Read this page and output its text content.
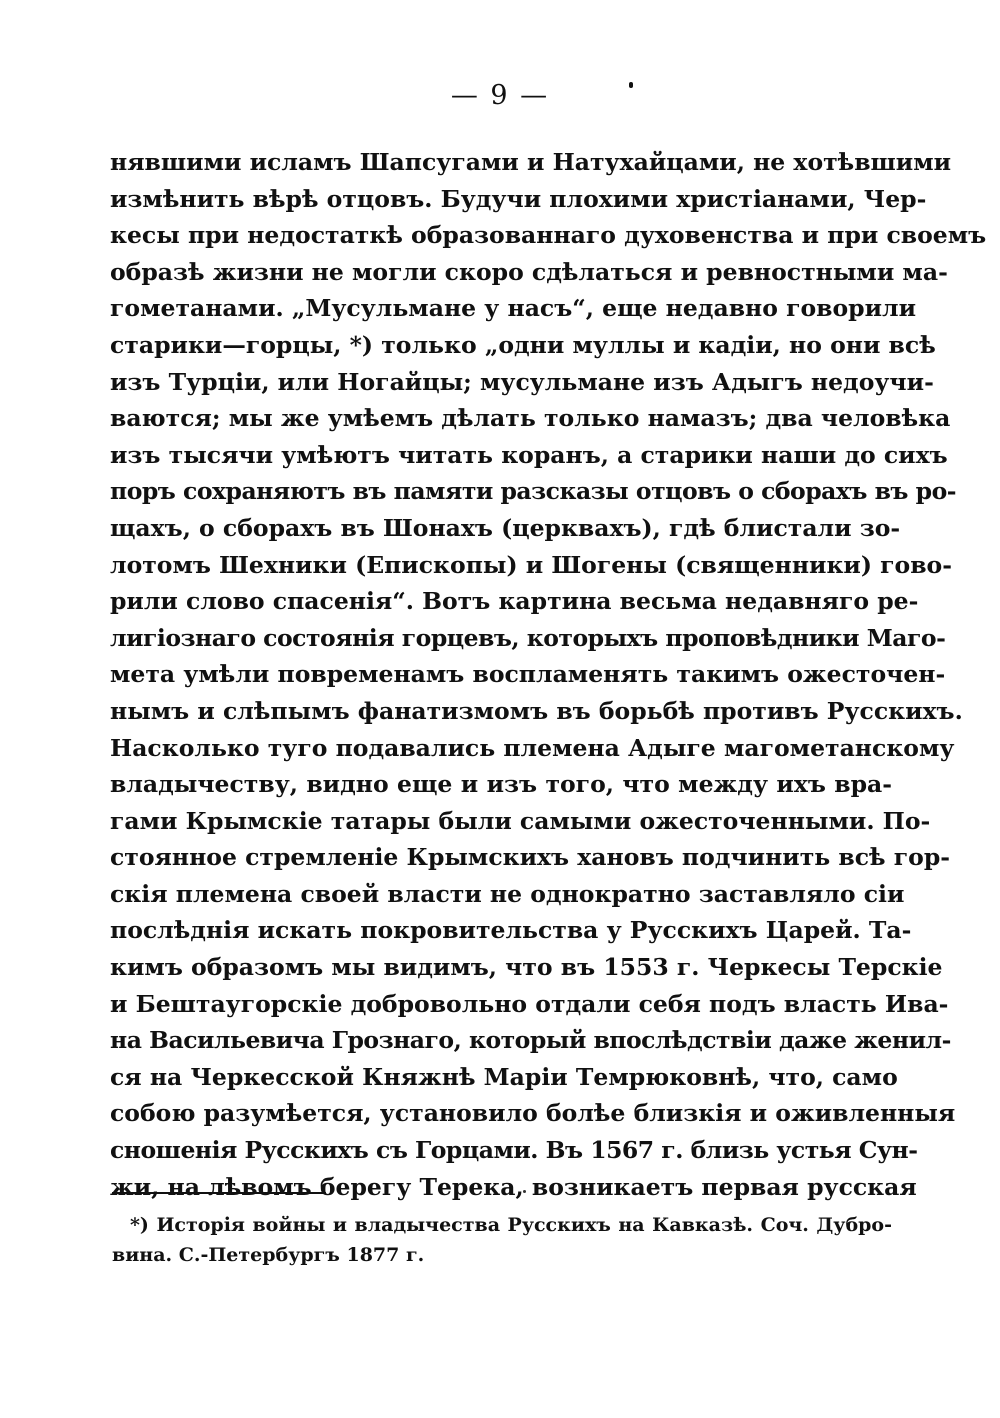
— 9 —
нявшими исламъ Шапсугами и Натухайцами, не хотѣвшими
измѣнить вѣрѣ отцовъ. Будучи плохими христіанами, Чер-
кесы при недостаткѣ образованнаго духовенства и при своемъ
образѣ жизни не могли скоро сдѣлаться и ревностными ма-
гометанами. „Мусульмане у насъ“, еще недавно говорили
старики—горцы, *) только „одни муллы и кадіи, но они всѣ
изъ Турціи, или Ногайцы; мусульмане изъ Адыгъ недоучи-
ваются; мы же умѣемъ дѣлать только намазъ; два человѣка
изъ тысячи умѣютъ читать коранъ, а старики наши до сихъ
поръ сохраняютъ въ памяти разсказы отцовъ о сборахъ въ ро-
щахъ, о сборахъ въ Шонахъ (церквахъ), гдѣ блистали зо-
лотомъ Шехники (Епископы) и Шогены (священники) гово-
рили слово спасенія“. Вотъ картина весьма недавняго ре-
лигіознаго состоянія горцевъ, которыхъ проповѣдники Маго-
мета умѣли повременамъ воспламенять такимъ ожесточен-
нымъ и слѣпымъ фанатизмомъ въ борьбѣ противъ Русскихъ.
Насколько туго подавались племена Адыге магометанскому
владычеству, видно еще и изъ того, что между ихъ вра-
гами Крымскіе татары были самыми ожесточенными. По-
стоянное стремленіе Крымскихъ хановъ подчинить всѣ гор-
скія племена своей власти не однократно заставляло сіи
послѣднія искать покровительства у Русскихъ Царей. Та-
кимъ образомъ мы видимъ, что въ 1553 г. Черкесы Терскіе
и Бештаугорскіе добровольно отдали себя подъ власть Ива-
на Васильевича Грознаго, который впослѣдствіи даже женил-
ся на Черкесской Княжнѣ Маріи Темрюковнѣ, что, само
собою разумѣется, установило болѣе близкія и оживленныя
сношенія Русскихъ съ Горцами. Въ 1567 г. близь устья Сун-
жи, на лѣвомъ берегу Терека, возникаетъ первая русская
*) Исторія войны и владычества Русскихъ на Кавказѣ. Соч. Дубро-
вина. С.-Петербургъ 1877 г.
